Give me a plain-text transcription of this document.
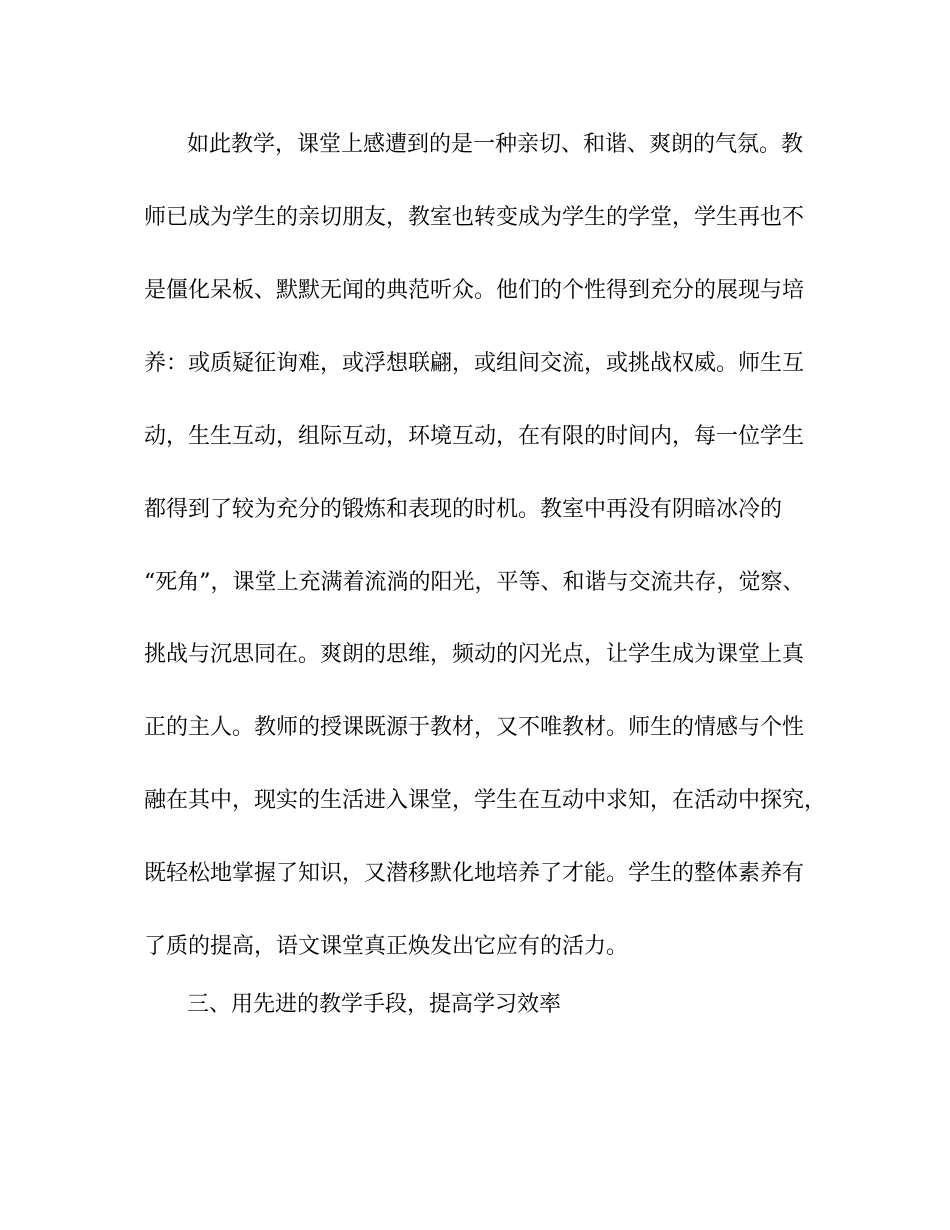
如此教学，课堂上感遭到的是一种亲切、和谐、爽朗的气氛。教
师已成为学生的亲切朋友，教室也转变成为学生的学堂，学生再也不
是僵化呆板、默默无闻的典范听众。他们的个性得到充分的展现与培
养：或质疑征询难，或浮想联翩，或组间交流，或挑战权威。师生互
动，生生互动，组际互动，环境互动，在有限的时间内，每一位学生
都得到了较为充分的锻炼和表现的时机。教室中再没有阴暗冰冷的
“死角”，课堂上充满着流淌的阳光，平等、和谐与交流共存，觉察、
挑战与沉思同在。爽朗的思维，频动的闪光点，让学生成为课堂上真
正的主人。教师的授课既源于教材，又不唯教材。师生的情感与个性
融在其中，现实的生活进入课堂，学生在互动中求知，在活动中探究，
既轻松地掌握了知识，又潜移默化地培养了才能。学生的整体素养有
了质的提高，语文课堂真正焕发出它应有的活力。
三、用先进的教学手段，提高学习效率
